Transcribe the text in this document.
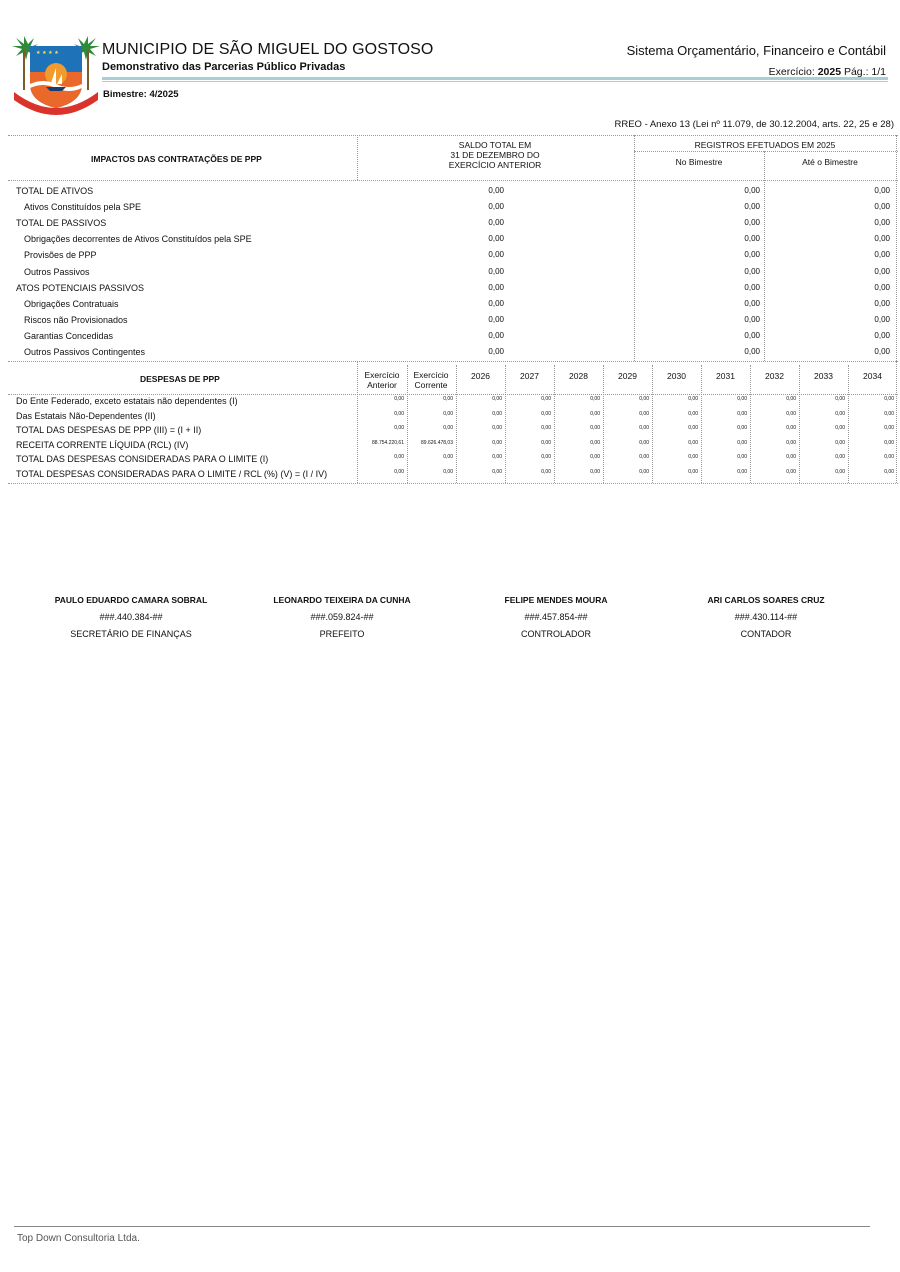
★ ★ ★ ★	MUNICIPIO DE SÃO MIGUEL DO GOSTOSO
Demonstrativo das Parcerias Público Privadas
Bimestre: 4/2025
Sistema Orçamentário, Financeiro e Contábil
Exercício: 2025 Pág.: 1/1
RREO - Anexo 13 (Lei nº 11.079, de 30.12.2004, arts. 22, 25 e 28)
IMPACTOS DAS CONTRATAÇÕES DE PPP
SALDO TOTAL EM
31 DE DEZEMBRO DO
EXERCÍCIO ANTERIOR
REGISTROS EFETUADOS EM 2025
No Bimestre	Até o Bimestre
TOTAL DE ATIVOS	0,00	0,00	0,00
Ativos Constituídos pela SPE	0,00	0,00	0,00
TOTAL DE PASSIVOS	0,00	0,00	0,00
Obrigações decorrentes de Ativos Constituídos pela SPE	0,00	0,00	0,00
Provisões de PPP	0,00	0,00	0,00
Outros Passivos	0,00	0,00	0,00
ATOS POTENCIAIS PASSIVOS	0,00	0,00	0,00
Obrigações Contratuais	0,00	0,00	0,00
Riscos não Provisionados	0,00	0,00	0,00
Garantias Concedidas	0,00	0,00	0,00
Outros Passivos Contingentes	0,00	0,00	0,00
DESPESAS DE PPP	Exercício
Anterior
Exercício
Corrente
2026	2027	2028	2029	2030	2031	2032	2033	2034
Do Ente Federado, exceto estatais não dependentes (I)	0,00	0,00	0,00	0,00	0,00	0,00	0,00	0,00	0,00	0,00	0,00
Das Estatais Não-Dependentes (II)	0,00	0,00	0,00	0,00	0,00	0,00	0,00	0,00	0,00	0,00	0,00
TOTAL DAS DESPESAS DE PPP (III) = (I + II)	0,00	0,00	0,00	0,00	0,00	0,00	0,00	0,00	0,00	0,00	0,00
RECEITA CORRENTE LÍQUIDA (RCL) (IV)	88.754.220,61	89.626.478,03	0,00	0,00	0,00	0,00	0,00	0,00	0,00	0,00	0,00
TOTAL DAS DESPESAS CONSIDERADAS PARA O LIMITE (I)	0,00	0,00	0,00	0,00	0,00	0,00	0,00	0,00	0,00	0,00	0,00
TOTAL DESPESAS CONSIDERADAS PARA O LIMITE / RCL (%) (V) = (I / IV)	0,00	0,00	0,00	0,00	0,00	0,00	0,00	0,00	0,00	0,00	0,00
PAULO EDUARDO CAMARA SOBRAL
###.440.384-##
SECRETÁRIO DE FINANÇAS
LEONARDO TEIXEIRA DA CUNHA
###.059.824-##
PREFEITO
FELIPE MENDES MOURA
###.457.854-##
CONTROLADOR
ARI CARLOS SOARES CRUZ
###.430.114-##
CONTADOR
Top Down Consultoria Ltda.
